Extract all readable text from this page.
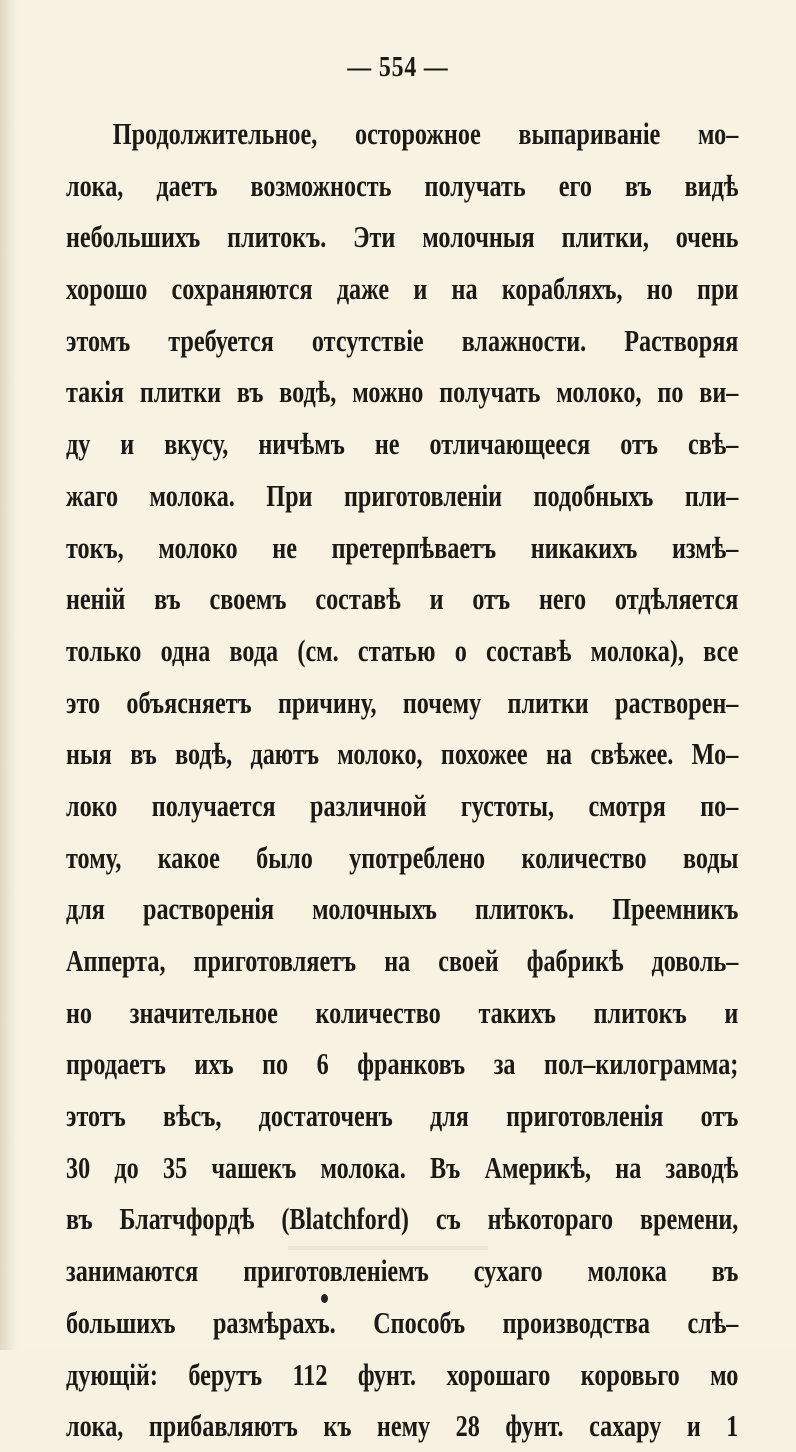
— 554 —
Продолжительное, осторожное выпариваніе мо–
лока, даетъ возможность получать его въ видѣ
небольшихъ плитокъ. Эти молочныя плитки, очень
хорошо сохраняются даже и на корабляхъ, но при
этомъ требуется отсутствіе влажности. Растворяя
такія плитки въ водѣ, можно получать молоко, по ви–
ду и вкусу, ничѣмъ не отличающееся отъ свѣ–
жаго молока. При приготовленіи подобныхъ пли–
токъ, молоко не претерпѣваетъ никакихъ измѣ–
неній въ своемъ составѣ и отъ него отдѣляется
только одна вода (см. статью о составѣ молока), все
это объясняетъ причину, почему плитки растворен–
ныя въ водѣ, даютъ молоко, похожее на свѣжее. Мо–
локо получается различной густоты, смотря по–
тому, какое было употреблено количество воды
для растворенія молочныхъ плитокъ. Преемникъ
Апперта, приготовляетъ на своей фабрикѣ доволь–
но значительное количество такихъ плитокъ и
продаетъ ихъ по 6 франковъ за пол–килограмма;
этотъ вѣсъ, достаточенъ для приготовленія отъ
30 до 35 чашекъ молока. Въ Америкѣ, на заводѣ
въ Блатчфордѣ (Blatchford) съ нѣкотораго времени,
занимаются приготовленіемъ сухаго молока въ
большихъ размѣрахъ. Способъ производства слѣ–
дующій: берутъ 112 фунт. хорошаго коровьго мо
лока, прибавляютъ къ нему 28 фунт. сахару и 1
